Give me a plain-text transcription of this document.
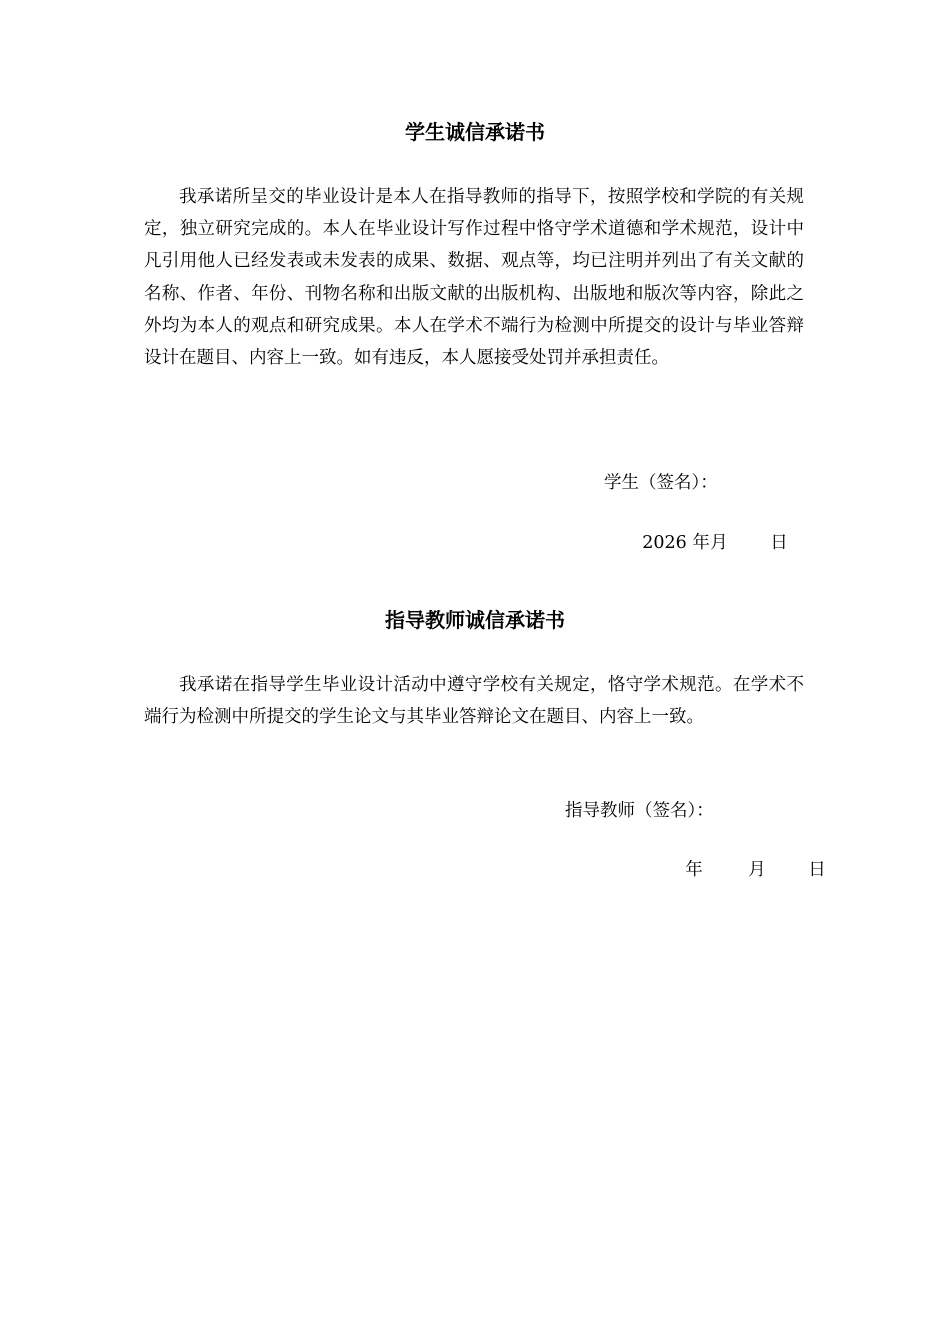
学生诚信承诺书

我承诺所呈交的毕业设计是本人在指导教师的指导下，按照学校和学院的有关规定，独立研究完成的。本人在毕业设计写作过程中恪守学术道德和学术规范，设计中凡引用他人已经发表或未发表的成果、数据、观点等，均已注明并列出了有关文献的名称、作者、年份、刊物名称和出版文献的出版机构、出版地和版次等内容，除此之外均为本人的观点和研究成果。本人在学术不端行为检测中所提交的设计与毕业答辩设计在题目、内容上一致。如有违反，本人愿接受处罚并承担责任。

学生（签名）：

2026 年月 日

指导教师诚信承诺书

我承诺在指导学生毕业设计活动中遵守学校有关规定，恪守学术规范。在学术不端行为检测中所提交的学生论文与其毕业答辩论文在题目、内容上一致。

指导教师（签名）：

年	月 日
